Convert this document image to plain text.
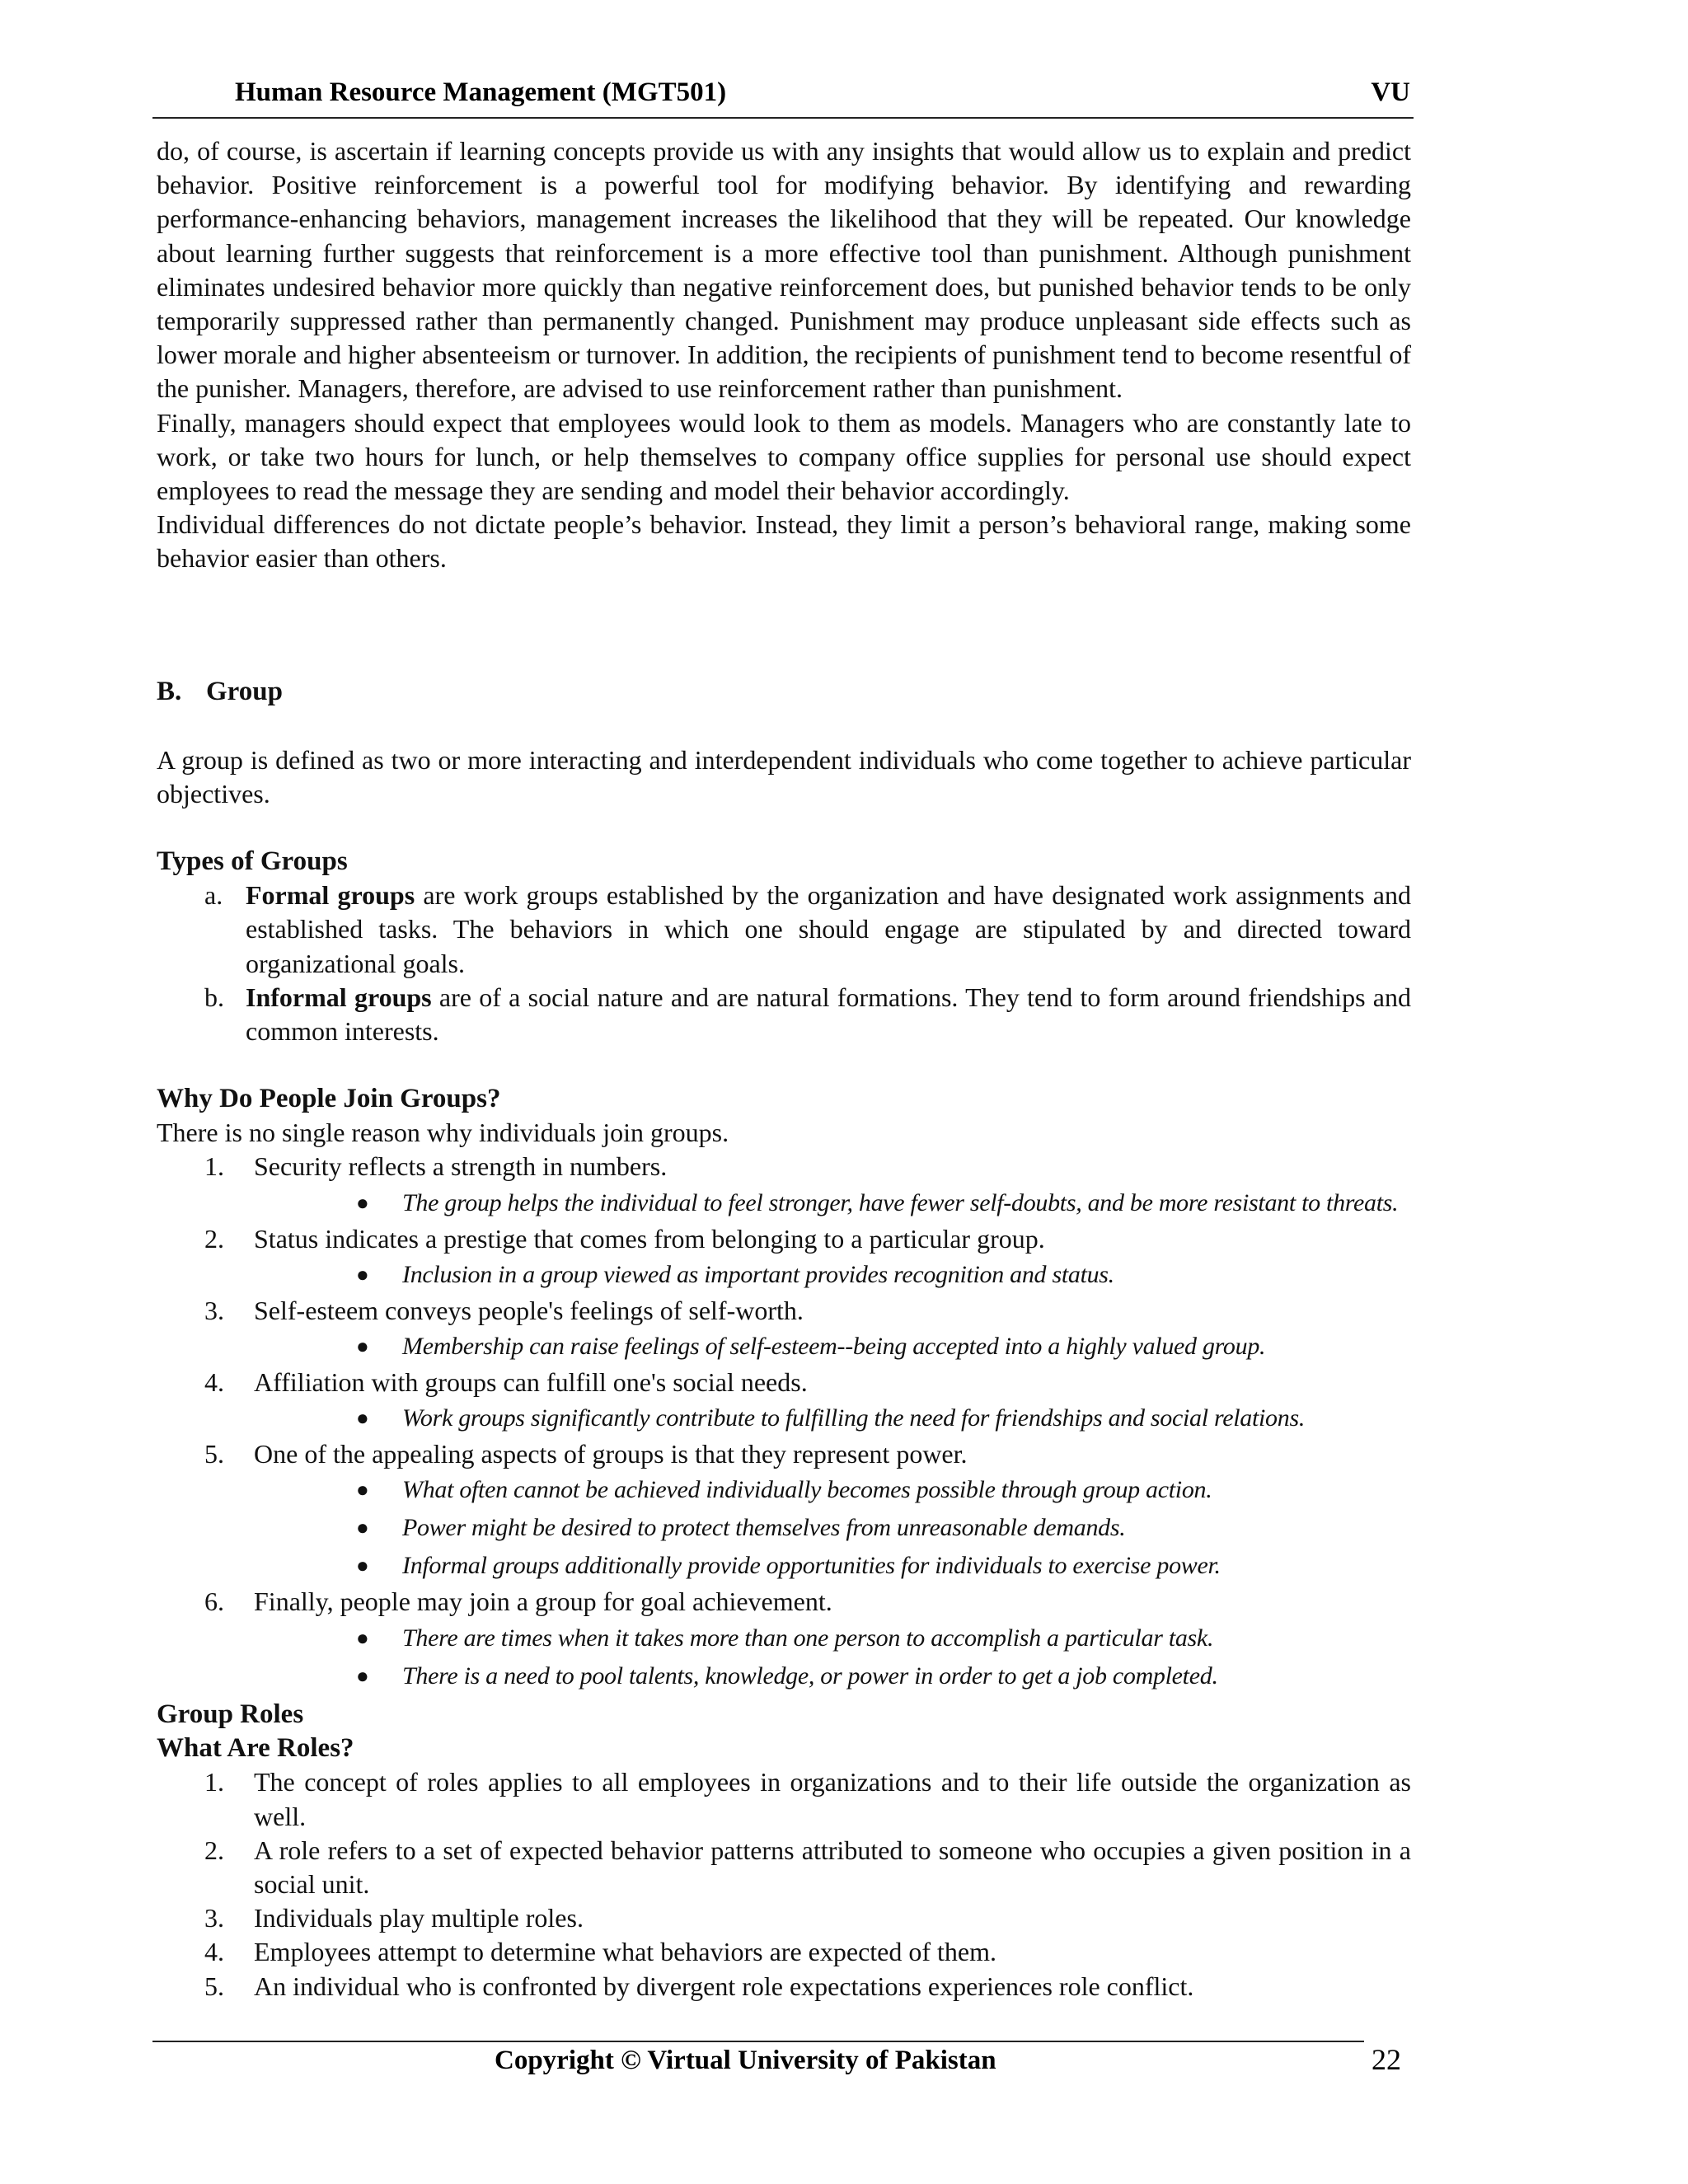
Human Resource Management (MGT501)	VU

do, of course, is ascertain if learning concepts provide us with any insights that would allow us to explain and predict behavior. Positive reinforcement is a powerful tool for modifying behavior. By identifying and rewarding performance-enhancing behaviors, management increases the likelihood that they will be repeated. Our knowledge about learning further suggests that reinforcement is a more effective tool than punishment. Although punishment eliminates undesired behavior more quickly than negative reinforcement does, but punished behavior tends to be only temporarily suppressed rather than permanently changed. Punishment may produce unpleasant side effects such as lower morale and higher absenteeism or turnover. In addition, the recipients of punishment tend to become resentful of the punisher. Managers, therefore, are advised to use reinforcement rather than punishment.

Finally, managers should expect that employees would look to them as models. Managers who are constantly late to work, or take two hours for lunch, or help themselves to company office supplies for personal use should expect employees to read the message they are sending and model their behavior accordingly.

Individual differences do not dictate people’s behavior. Instead, they limit a person’s behavioral range, making some behavior easier than others.

B. Group

A group is defined as two or more interacting and interdependent individuals who come together to achieve particular objectives.

Types of Groups
a. Formal groups are work groups established by the organization and have designated work assignments and established tasks. The behaviors in which one should engage are stipulated by and directed toward organizational goals.
b. Informal groups are of a social nature and are natural formations. They tend to form around friendships and common interests.
Why Do People Join Groups?

There is no single reason why individuals join groups.

1. Security reflects a strength in numbers.
● The group helps the individual to feel stronger, have fewer self-doubts, and be more resistant to threats.
2. Status indicates a prestige that comes from belonging to a particular group.
● Inclusion in a group viewed as important provides recognition and status.
3. Self-esteem conveys people's feelings of self-worth.
● Membership can raise feelings of self-esteem--being accepted into a highly valued group.
4. Affiliation with groups can fulfill one's social needs.
● Work groups significantly contribute to fulfilling the need for friendships and social relations.
5. One of the appealing aspects of groups is that they represent power.
● What often cannot be achieved individually becomes possible through group action.
● Power might be desired to protect themselves from unreasonable demands.
● Informal groups additionally provide opportunities for individuals to exercise power.
6. Finally, people may join a group for goal achievement.
● There are times when it takes more than one person to accomplish a particular task.
● There is a need to pool talents, knowledge, or power in order to get a job completed.
Group Roles
What Are Roles?
1. The concept of roles applies to all employees in organizations and to their life outside the organization as well.
2. A role refers to a set of expected behavior patterns attributed to someone who occupies a given position in a social unit.
3. Individuals play multiple roles.
4. Employees attempt to determine what behaviors are expected of them.
5. An individual who is confronted by divergent role expectations experiences role conflict.
Copyright © Virtual University of Pakistan	22
